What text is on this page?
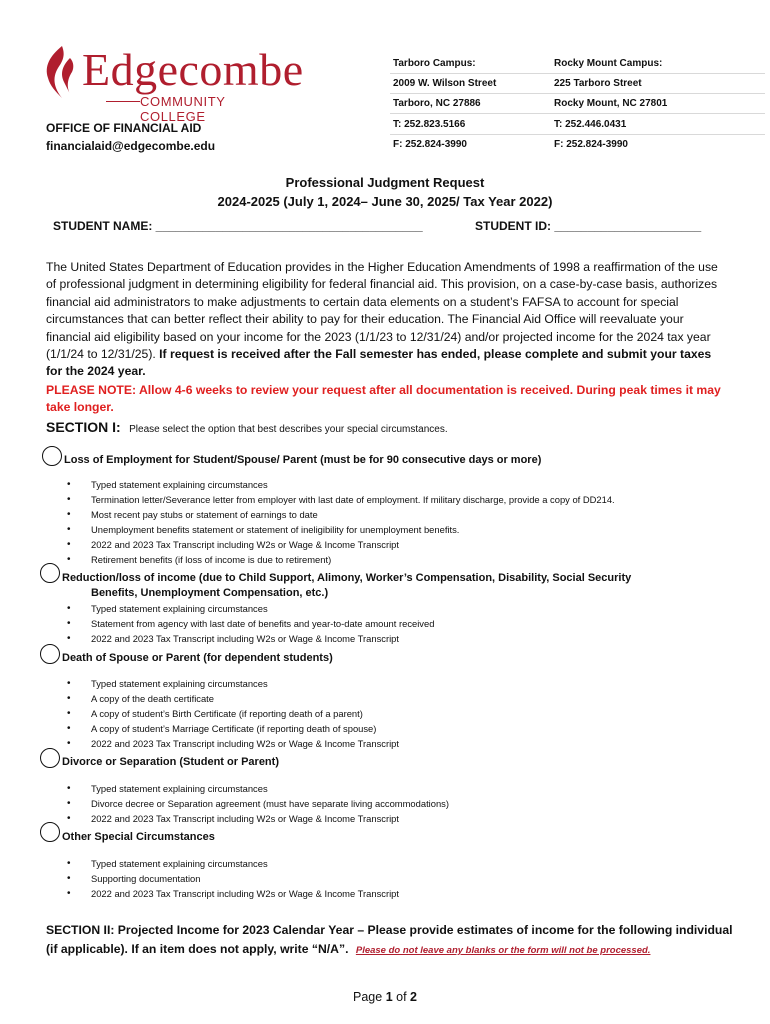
Edgecombe
COMMUNITY COLLEGE
OFFICE OF FINANCIAL AID
financialaid@edgecombe.edu
Tarboro Campus:	Rocky Mount Campus:
2009 W. Wilson Street	225 Tarboro Street
Tarboro, NC 27886	Rocky Mount, NC 27801
T: 252.823.5166	T: 252.446.0431
F: 252.824-3990	F: 252.824-3990
Professional Judgment Request
2024-2025 (July 1, 2024– June 30, 2025/ Tax Year 2022)
STUDENT NAME: ________________________________________	STUDENT ID: ______________________
The United States Department of Education provides in the Higher Education Amendments of 1998 a reaffirmation of the use of professional judgment in determining eligibility for federal financial aid. This provision, on a case-by-case basis, authorizes financial aid administrators to make adjustments to certain data elements on a student’s FAFSA to account for special circumstances that can better reflect their ability to pay for their education. The Financial Aid Office will reevaluate your financial aid eligibility based on your income for the 2023 (1/1/23 to 12/31/24) and/or projected income for the 2024 tax year (1/1/24 to 12/31/25). If request is received after the Fall semester has ended, please complete and submit your taxes for the 2024 year.
PLEASE NOTE: Allow 4-6 weeks to review your request after all documentation is received. During peak times it may take longer.
SECTION I: Please select the option that best describes your special circumstances.
Loss of Employment for Student/Spouse/ Parent (must be for 90 consecutive days or more)
• Typed statement explaining circumstances
• Termination letter/Severance letter from employer with last date of employment. If military discharge, provide a copy of DD214.
• Most recent pay stubs or statement of earnings to date
• Unemployment benefits statement or statement of ineligibility for unemployment benefits.
• 2022 and 2023 Tax Transcript including W2s or Wage & Income Transcript
• Retirement benefits (if loss of income is due to retirement)
Reduction/loss of income (due to Child Support, Alimony, Worker’s Compensation, Disability, Social Security
Benefits, Unemployment Compensation, etc.)
• Typed statement explaining circumstances
• Statement from agency with last date of benefits and year-to-date amount received
• 2022 and 2023 Tax Transcript including W2s or Wage & Income Transcript
Death of Spouse or Parent (for dependent students)
• Typed statement explaining circumstances
• A copy of the death certificate
• A copy of student’s Birth Certificate (if reporting death of a parent)
• A copy of student’s Marriage Certificate (if reporting death of spouse)
• 2022 and 2023 Tax Transcript including W2s or Wage & Income Transcript
Divorce or Separation (Student or Parent)
• Typed statement explaining circumstances
• Divorce decree or Separation agreement (must have separate living accommodations)
• 2022 and 2023 Tax Transcript including W2s or Wage & Income Transcript
Other Special Circumstances
• Typed statement explaining circumstances
• Supporting documentation
• 2022 and 2023 Tax Transcript including W2s or Wage & Income Transcript
SECTION II: Projected Income for 2023 Calendar Year – Please provide estimates of income for the following individual (if applicable). If an item does not apply, write “N/A”. Please do not leave any blanks or the form will not be processed.
Page 1 of 2
